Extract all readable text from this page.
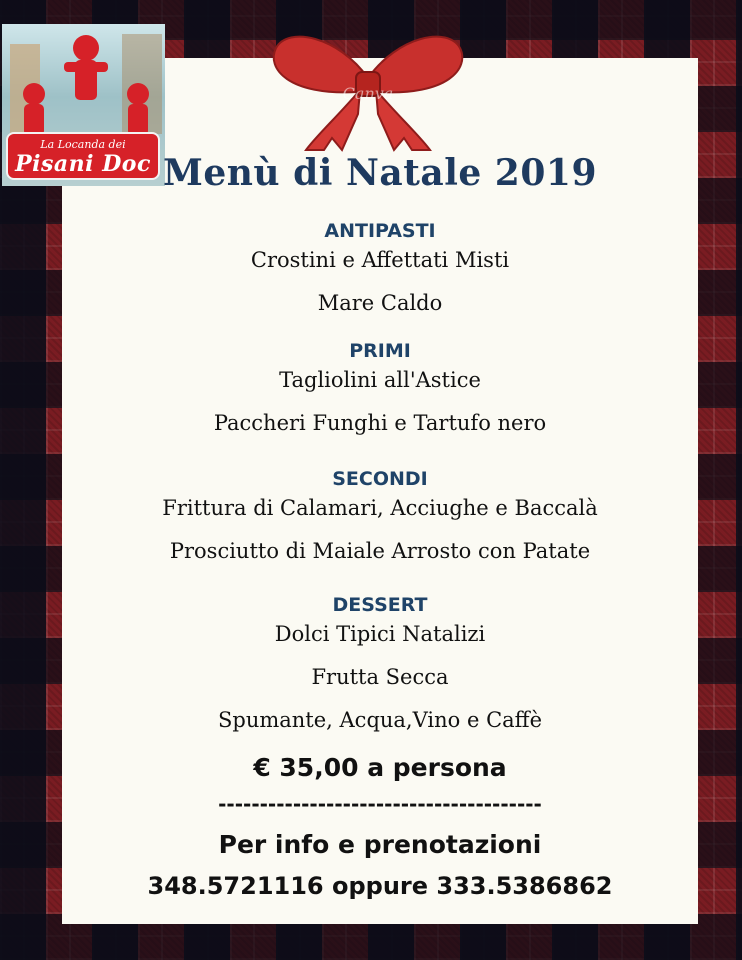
La Locanda dei
Pisani Doc
Canva
Menù di Natale 2019
ANTIPASTI
Crostini e Affettati Misti
Mare Caldo
PRIMI
Tagliolini all'Astice
Paccheri Funghi e Tartufo nero
SECONDI
Frittura di Calamari, Acciughe e Baccalà
Prosciutto di Maiale Arrosto con Patate
DESSERT
Dolci Tipici Natalizi
Frutta Secca
Spumante, Acqua,Vino e Caffè
€ 35,00 a persona
---------------------------------------
Per info e prenotazioni
348.5721116 oppure 333.5386862
